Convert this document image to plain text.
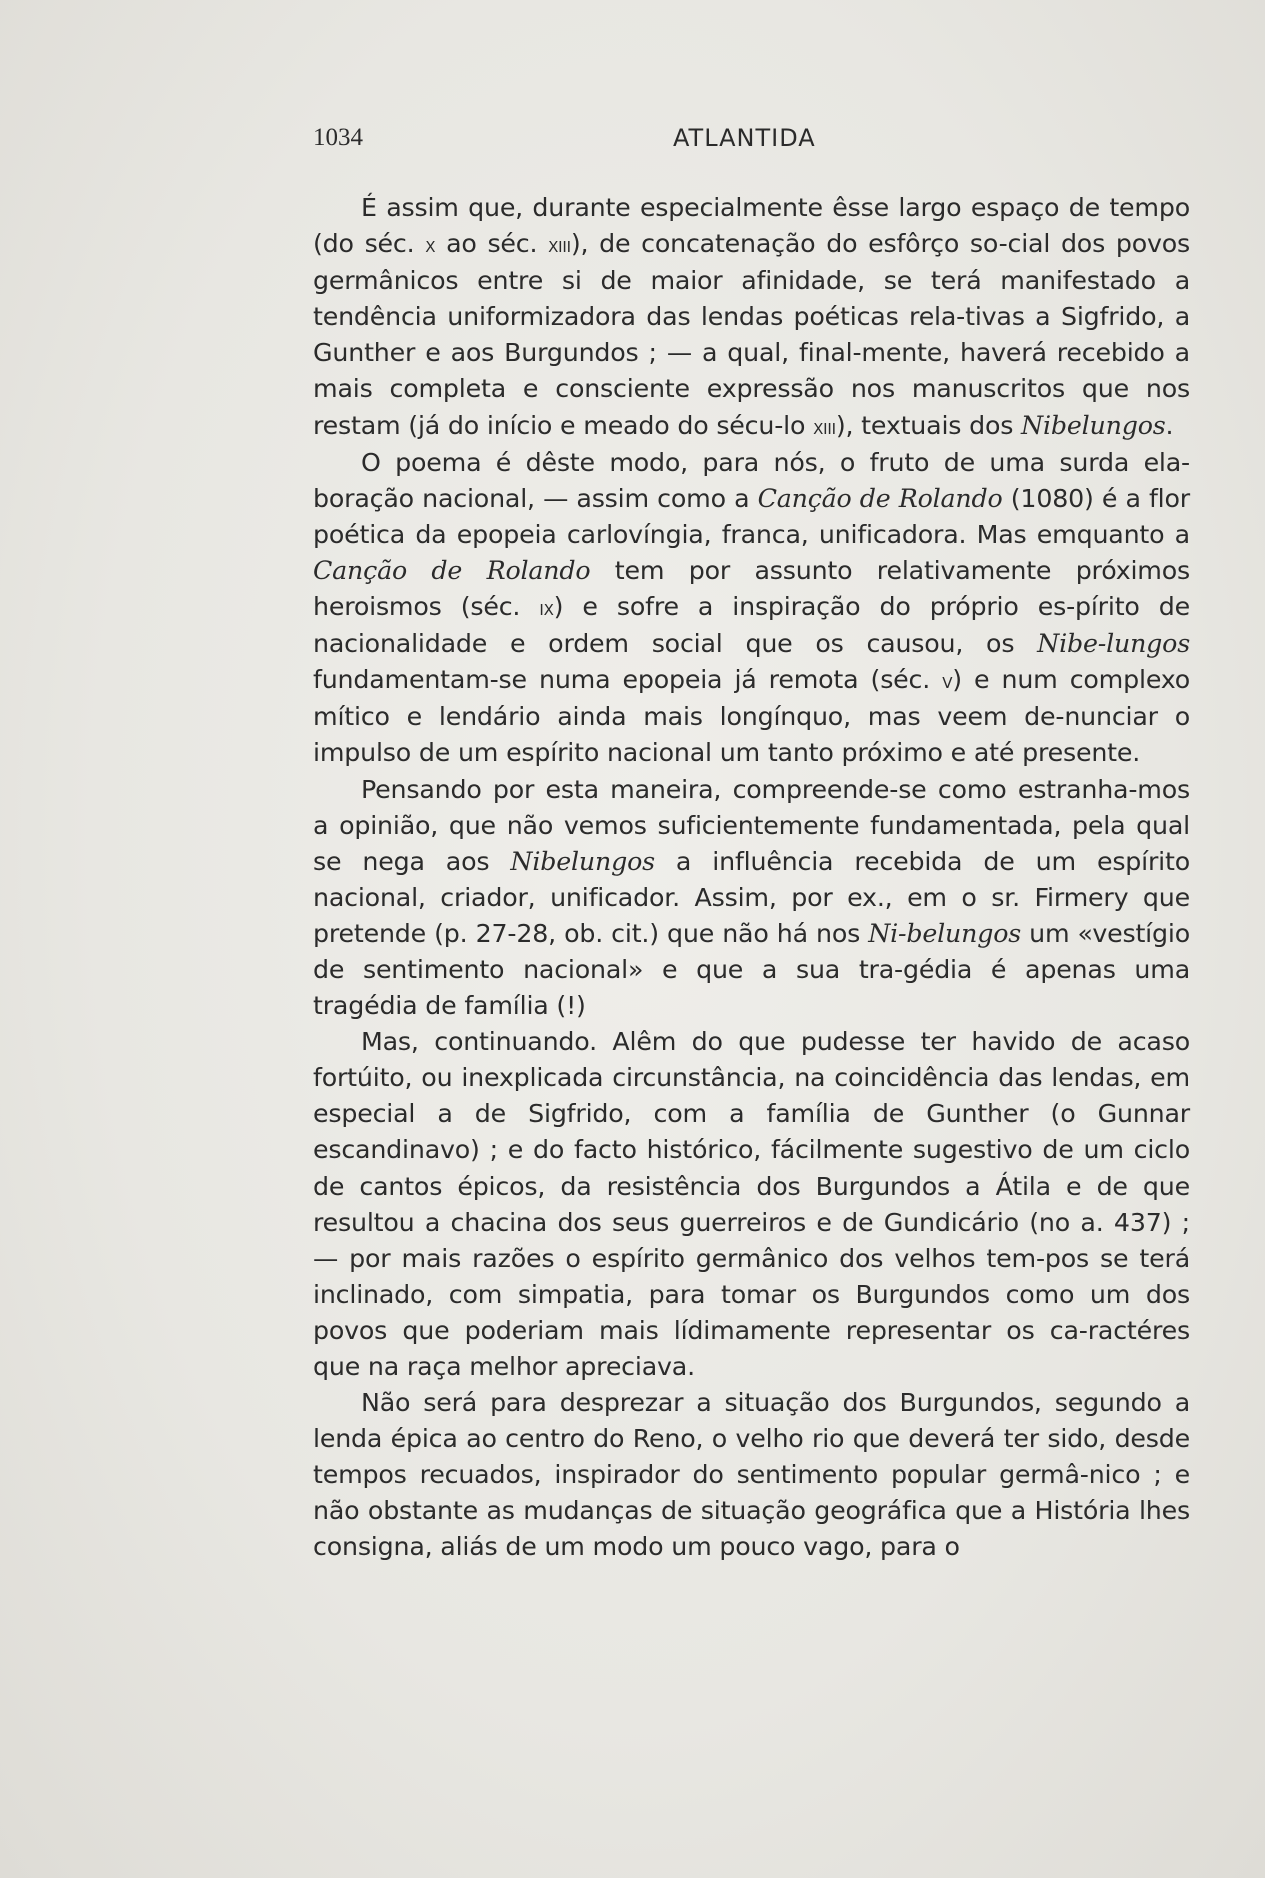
1034	ATLANTIDA

É assim que, durante especialmente êsse largo espaço de tempo (do séc. x ao séc. xiii), de concatenação do esfôrço so-cial dos povos germânicos entre si de maior afinidade, se terá manifestado a tendência uniformizadora das lendas poéticas rela-tivas a Sigfrido, a Gunther e aos Burgundos ; — a qual, final-mente, haverá recebido a mais completa e consciente expressão nos manuscritos que nos restam (já do início e meado do sécu-lo xiii), textuais dos Nibelungos.

O poema é dêste modo, para nós, o fruto de uma surda ela-boração nacional, — assim como a Canção de Rolando (1080) é a flor poética da epopeia carlovíngia, franca, unificadora. Mas emquanto a Canção de Rolando tem por assunto relativamente próximos heroismos (séc. ix) e sofre a inspiração do próprio es-pírito de nacionalidade e ordem social que os causou, os Nibe-lungos fundamentam-se numa epopeia já remota (séc. v) e num complexo mítico e lendário ainda mais longínquo, mas veem de-nunciar o impulso de um espírito nacional um tanto próximo e até presente.

Pensando por esta maneira, compreende-se como estranha-mos a opinião, que não vemos suficientemente fundamentada, pela qual se nega aos Nibelungos a influência recebida de um espírito nacional, criador, unificador. Assim, por ex., em o sr. Firmery que pretende (p. 27-28, ob. cit.) que não há nos Ni-belungos um «vestígio de sentimento nacional» e que a sua tra-gédia é apenas uma tragédia de família (!)

Mas, continuando. Alêm do que pudesse ter havido de acaso fortúito, ou inexplicada circunstância, na coincidência das lendas, em especial a de Sigfrido, com a família de Gunther (o Gunnar escandinavo) ; e do facto histórico, fácilmente sugestivo de um ciclo de cantos épicos, da resistência dos Burgundos a Átila e de que resultou a chacina dos seus guerreiros e de Gundicário (no a. 437) ; — por mais razões o espírito germânico dos velhos tem-pos se terá inclinado, com simpatia, para tomar os Burgundos como um dos povos que poderiam mais lídimamente representar os ca-ractéres que na raça melhor apreciava.

Não será para desprezar a situação dos Burgundos, segundo a lenda épica ao centro do Reno, o velho rio que deverá ter sido, desde tempos recuados, inspirador do sentimento popular germâ-nico ; e não obstante as mudanças de situação geográfica que a História lhes consigna, aliás de um modo um pouco vago, para o
